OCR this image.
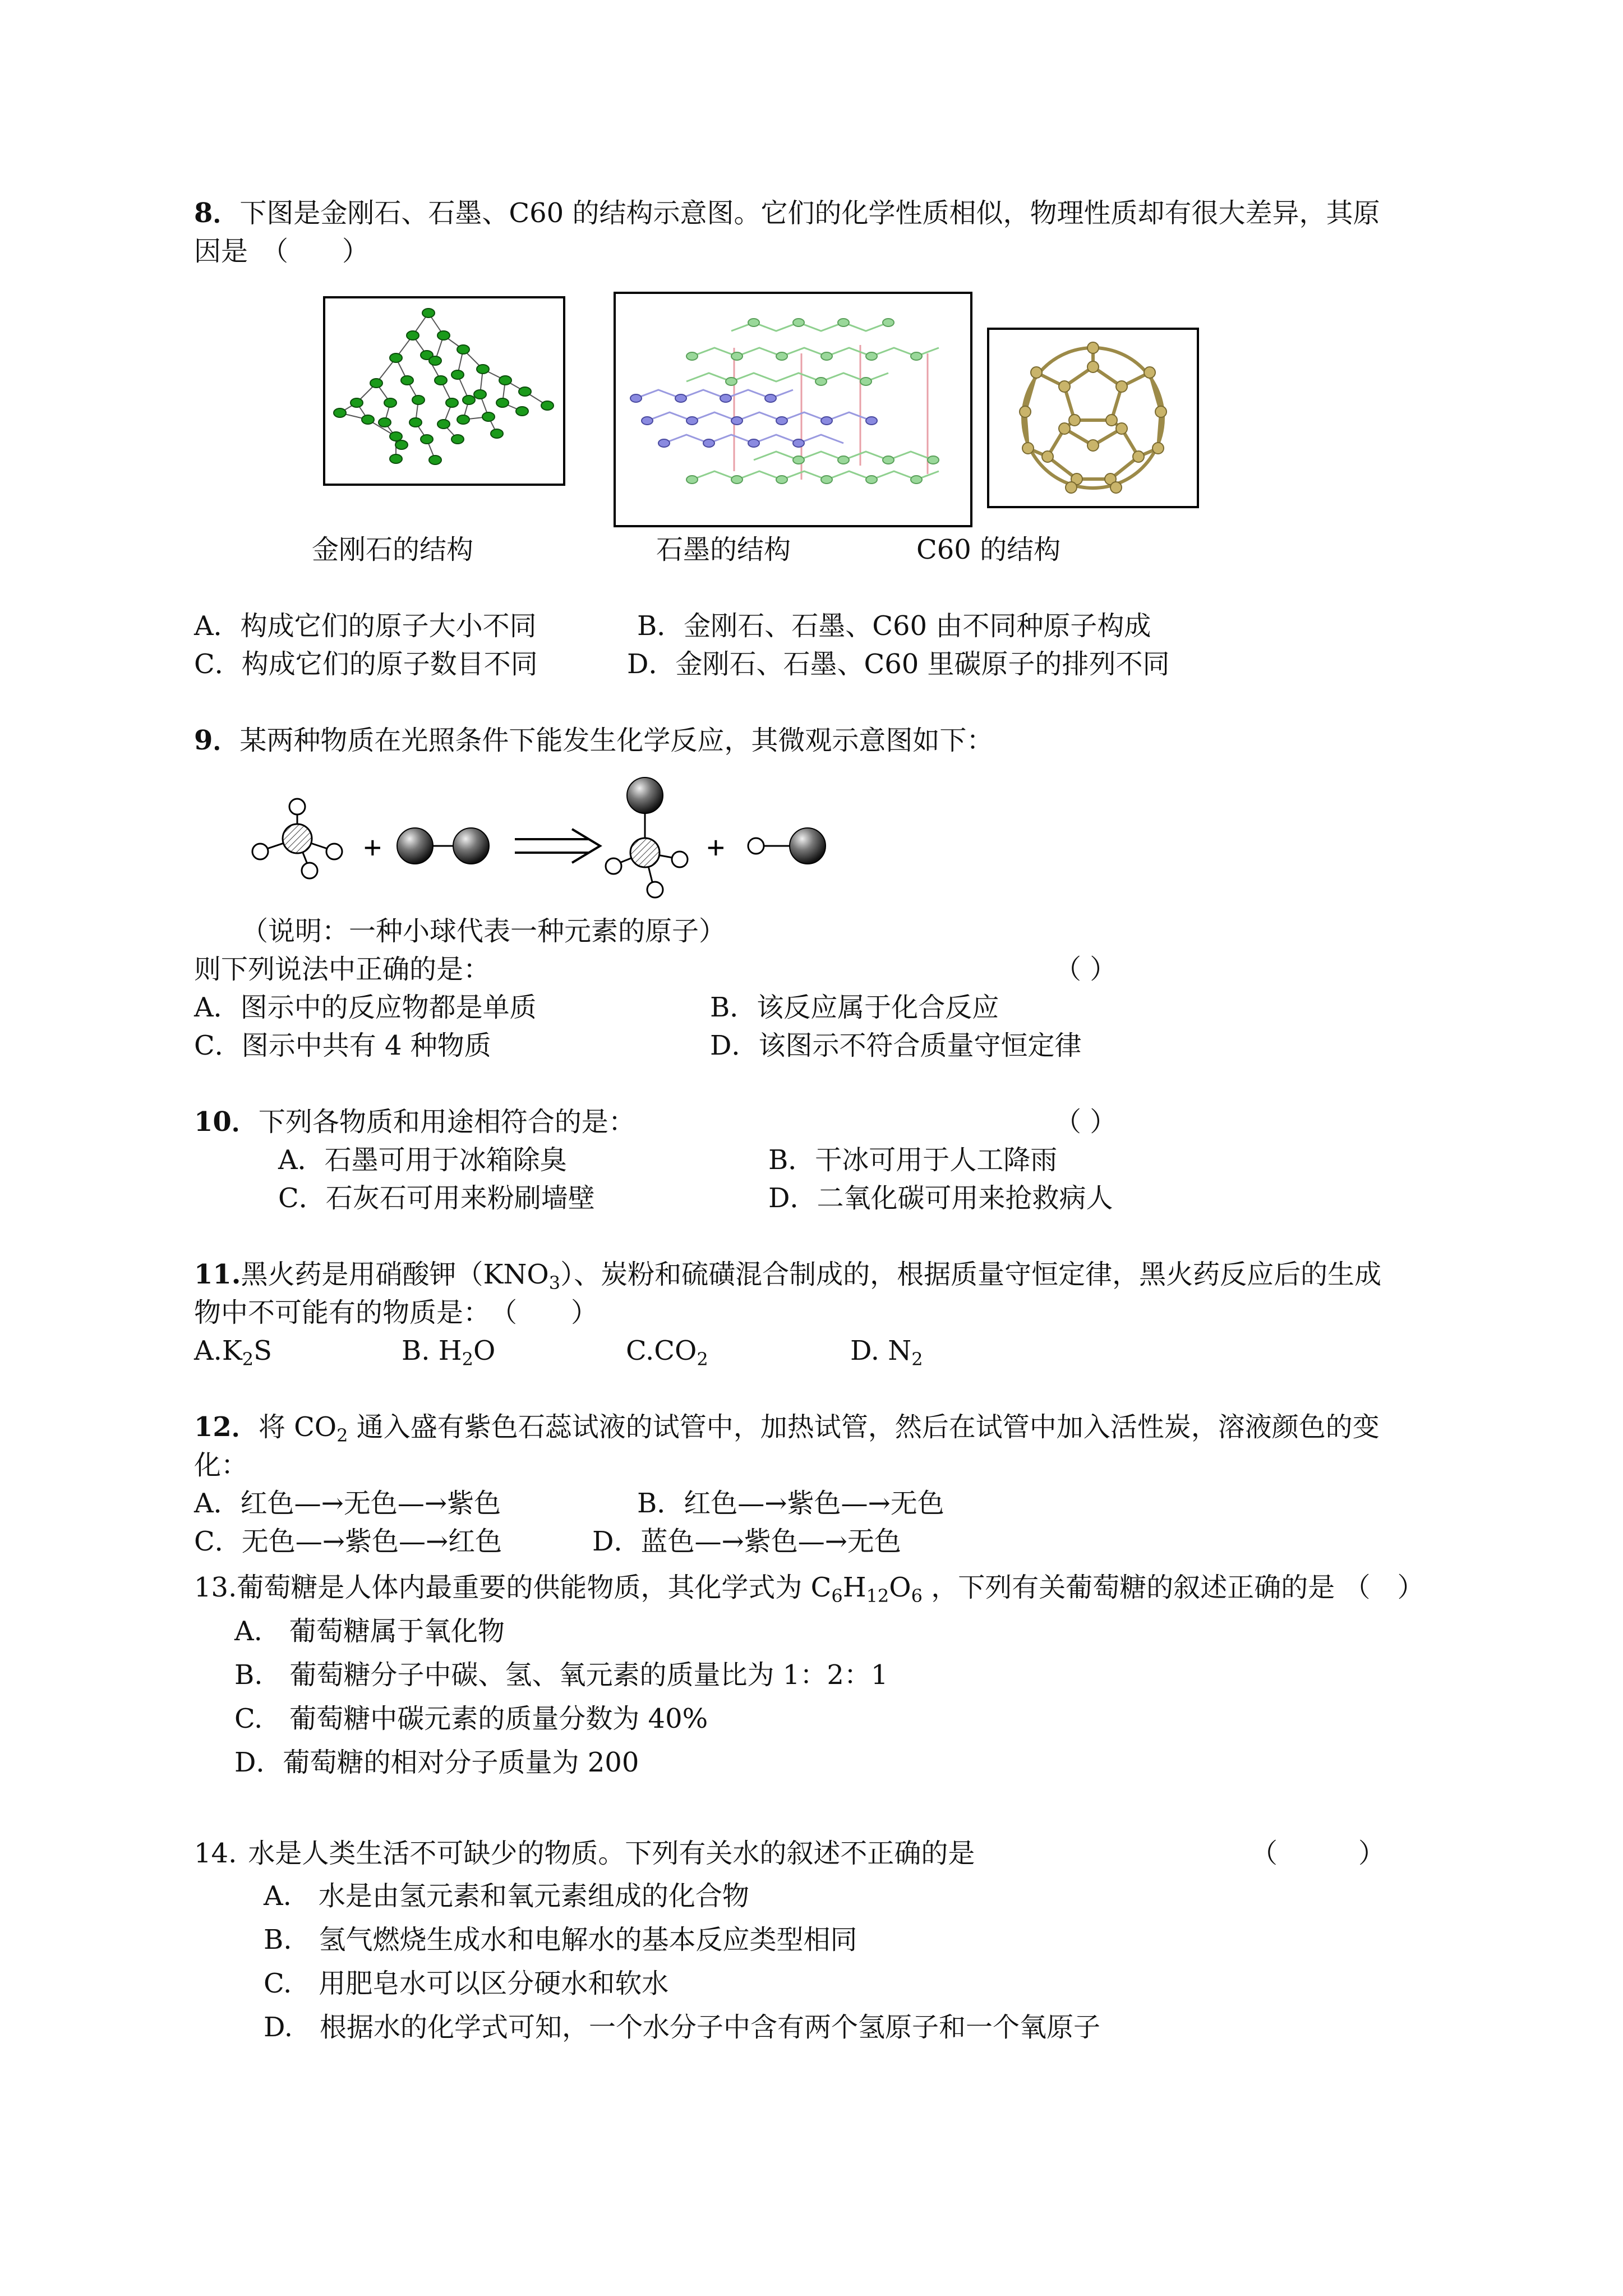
8．下图是金刚石、石墨、C60 的结构示意图。它们的化学性质相似，物理性质却有很大差异，其原
因是　（　　）
金刚石的结构	石墨的结构	C60 的结构
A．构成它们的原子大小不同	B．金刚石、石墨、C60 由不同种原子构成
C．构成它们的原子数目不同	D．金刚石、石墨、C60 里碳原子的排列不同
9．某两种物质在光照条件下能发生化学反应，其微观示意图如下：
+	+
（说明：一种小球代表一种元素的原子）
则下列说法中正确的是：	（ ）
A．图示中的反应物都是单质	B．该反应属于化合反应
C．图示中共有 4 种物质	D．该图示不符合质量守恒定律
10．下列各物质和用途相符合的是：	（ ）
A．石墨可用于冰箱除臭	B．干冰可用于人工降雨
C．石灰石可用来粉刷墙壁	D．二氧化碳可用来抢救病人
11.黑火药是用硝酸钾$(KNO_3)$、炭粉和硫磺混合制成的，根据质量守恒定律，黑火药反应后的生成
物中不可能有的物质是：　（　　）
$A.K_2S$	B. $H_2O$	$C.CO_2$	D. $N_2$
12．将 $CO_2$ 通入盛有紫色石蕊试液的试管中，加热试管，然后在试管中加入活性炭，溶液颜色的变
化：
A．红色—→无色—→紫色	B．红色—→紫色—→无色
C．无色—→紫色—→红色	D．蓝色—→紫色—→无色
13.葡萄糖是人体内最重要的供能物质，其化学式为 $C_6H_{12}O_6$ ，下列有关葡萄糖的叙述正确的是 （　）
A.　葡萄糖属于氧化物
B.　葡萄糖分子中碳、氢、氧元素的质量比为 1：2：1
C.　葡萄糖中碳元素的质量分数为 40%
D．葡萄糖的相对分子质量为 200
14. 水是人类生活不可缺少的物质。下列有关水的叙述不正确的是	（　　　）
A.　水是由氢元素和氧元素组成的化合物
B.　氢气燃烧生成水和电解水的基本反应类型相同
C.　用肥皂水可以区分硬水和软水
D.　根据水的化学式可知，一个水分子中含有两个氢原子和一个氧原子
